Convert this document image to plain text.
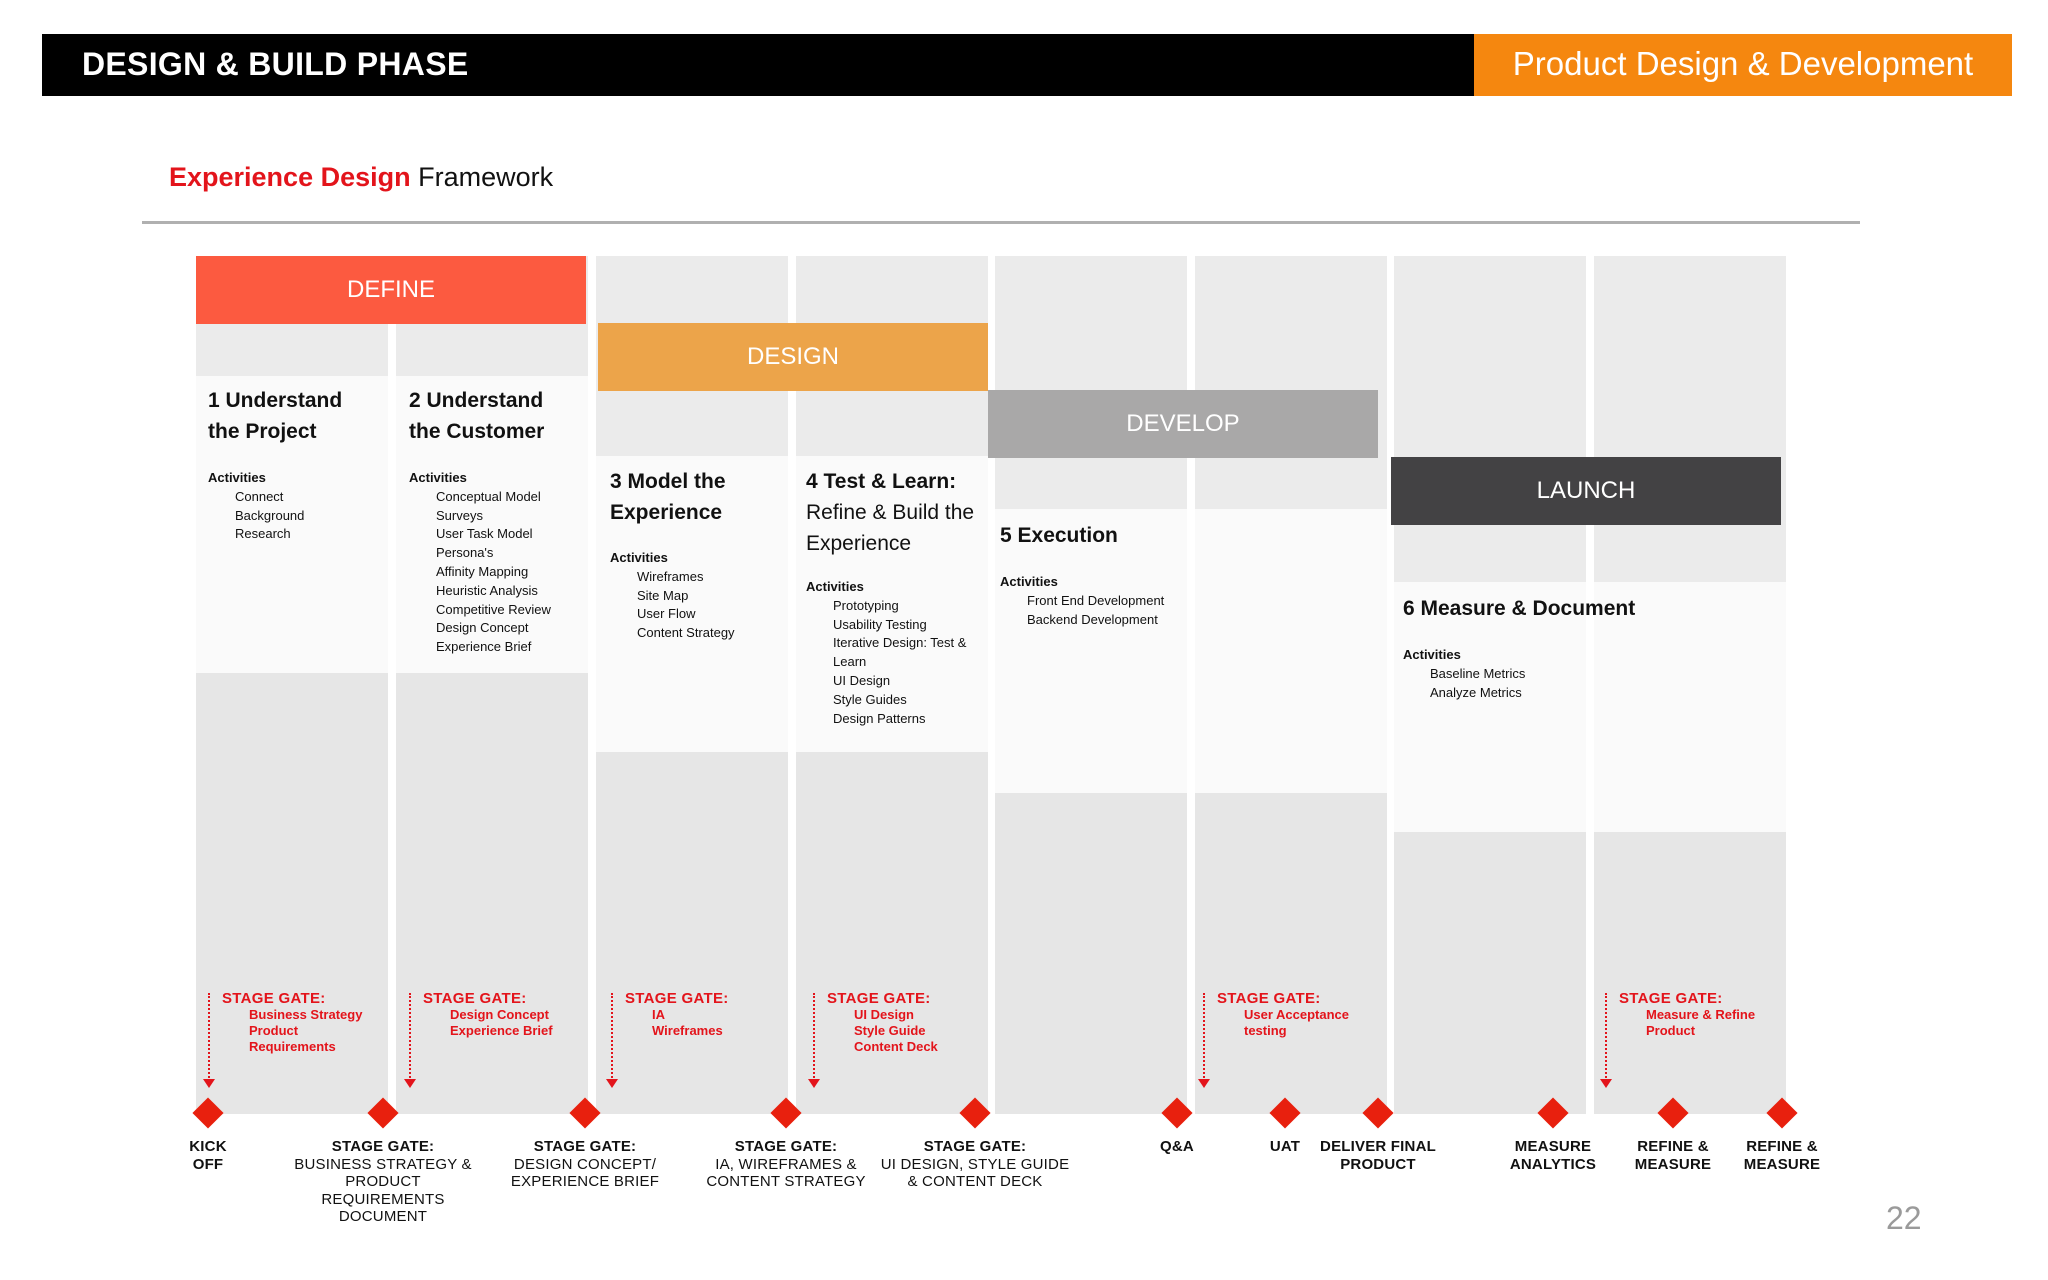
DESIGN & BUILD PHASE	Product Design & Development
Experience Design Framework
DEFINE
DESIGN
DEVELOP
LAUNCH
1 Understand
the Project
Activities
Connect
Background
Research
2 Understand
the Customer
Activities
Conceptual Model
Surveys
User Task Model
Persona's
Affinity Mapping
Heuristic Analysis
Competitive Review
Design Concept
Experience Brief
3 Model the
Experience
Activities
Wireframes
Site Map
User Flow
Content Strategy
4 Test & Learn:
Refine & Build the
Experience
Activities
Prototyping
Usability Testing
Iterative Design: Test &
Learn
UI Design
Style Guides
Design Patterns
5 Execution
Activities
Front End Development
Backend Development	6 Measure & Document
Activities
Baseline Metrics
Analyze Metrics
STAGE GATE:
Business Strategy
Product
Requirements
STAGE GATE:
Design Concept
Experience Brief
STAGE GATE:
IA
Wireframes
STAGE GATE:
UI Design
Style Guide
Content Deck
STAGE GATE:
User Acceptance
testing
STAGE GATE:
Measure & Refine
Product
KICK
OFF
STAGE GATE:
BUSINESS STRATEGY &
PRODUCT
REQUIREMENTS
DOCUMENT
STAGE GATE:
DESIGN CONCEPT/
EXPERIENCE BRIEF
STAGE GATE:
IA, WIREFRAMES &
CONTENT STRATEGY
STAGE GATE:
UI DESIGN, STYLE GUIDE
& CONTENT DECK
Q&A	UAT	DELIVER FINAL
PRODUCT
MEASURE
ANALYTICS
REFINE &
MEASURE
REFINE &
MEASURE
22
